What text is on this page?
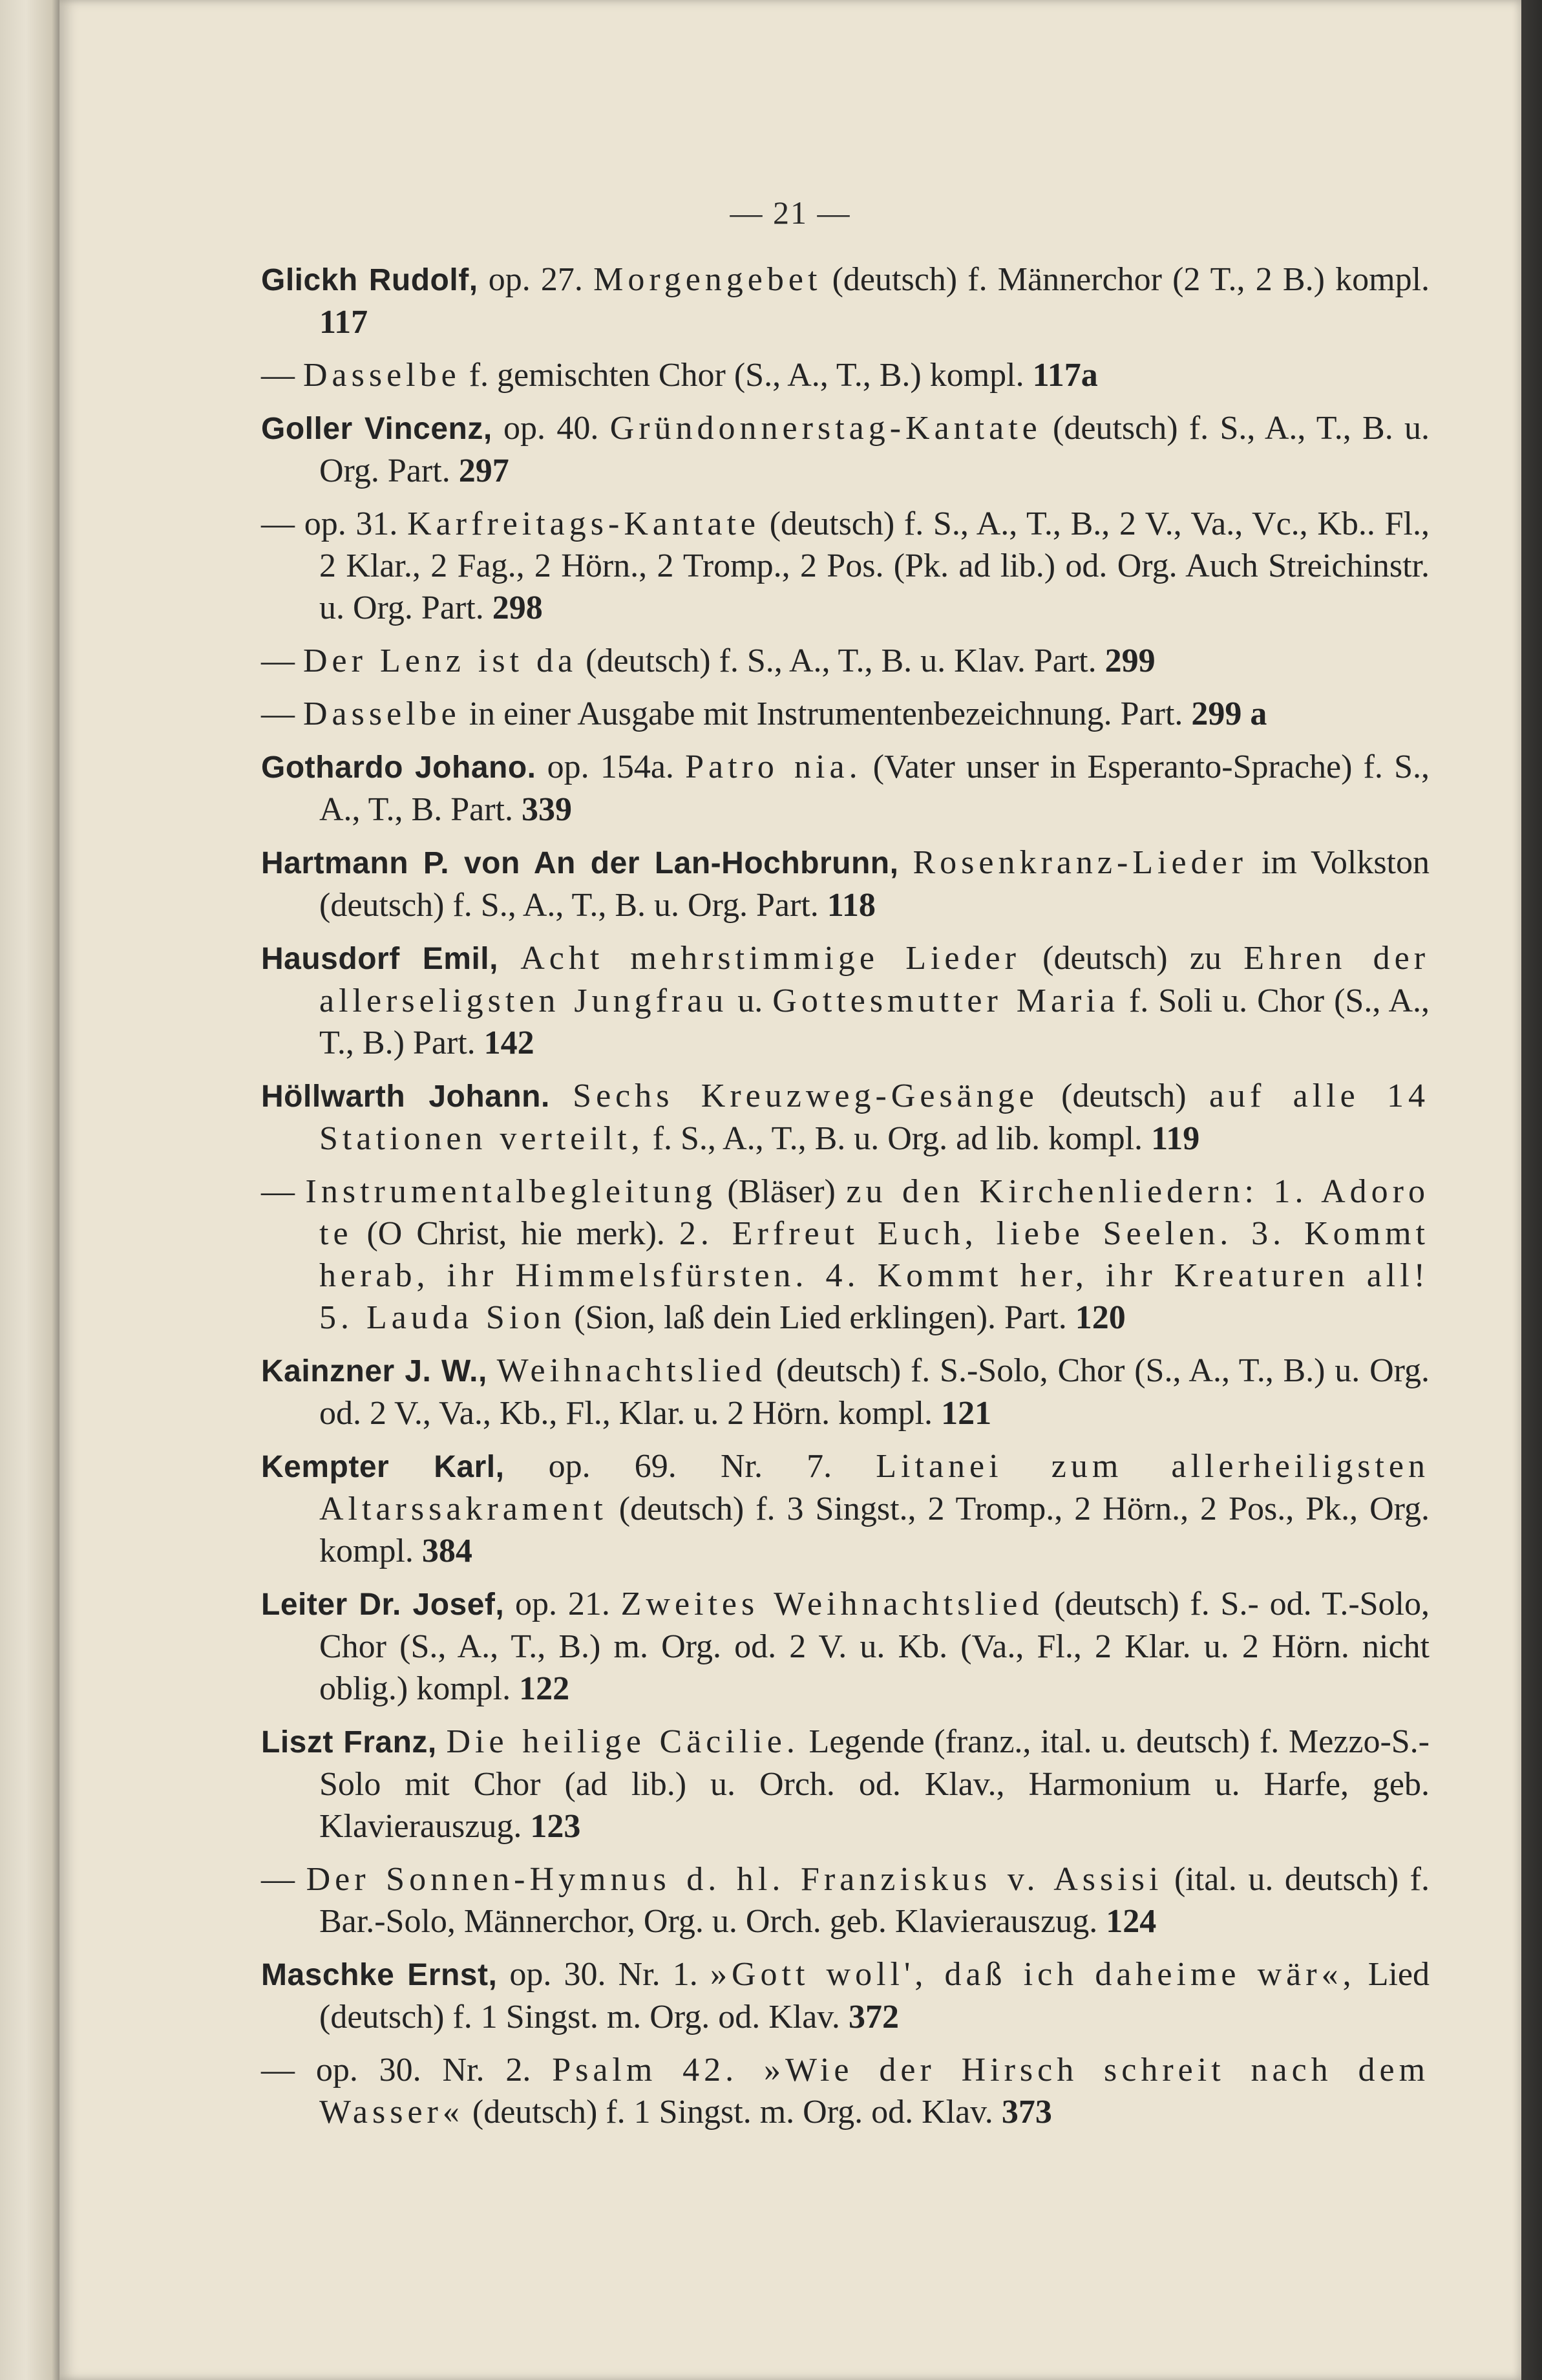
— 21 —
Glickh Rudolf, op. 27. Morgengebet (deutsch) f. Männerchor (2 T., 2 B.) kompl. 117
— Dasselbe f. gemischten Chor (S., A., T., B.) kompl. 117a
Goller Vincenz, op. 40. Gründonnerstag-Kantate (deutsch) f. S., A., T., B. u. Org. Part. 297
— op. 31. Karfreitags-Kantate (deutsch) f. S., A., T., B., 2 V., Va., Vc., Kb.. Fl., 2 Klar., 2 Fag., 2 Hörn., 2 Tromp., 2 Pos. (Pk. ad lib.) od. Org. Auch Streichinstr. u. Org. Part. 298
— Der Lenz ist da (deutsch) f. S., A., T., B. u. Klav. Part. 299
— Dasselbe in einer Ausgabe mit Instrumentenbezeichnung. Part. 299 a
Gothardo Johano. op. 154a. Patro nia. (Vater unser in Esperanto-Sprache) f. S., A., T., B. Part. 339
Hartmann P. von An der Lan-Hochbrunn, Rosenkranz-Lieder im Volkston (deutsch) f. S., A., T., B. u. Org. Part. 118
Hausdorf Emil, Acht mehrstimmige Lieder (deutsch) zu Ehren der allerseligsten Jungfrau u. Gottesmutter Maria f. Soli u. Chor (S., A., T., B.) Part. 142
Höllwarth Johann. Sechs Kreuzweg-Gesänge (deutsch) auf alle 14 Stationen verteilt, f. S., A., T., B. u. Org. ad lib. kompl. 119
— Instrumentalbegleitung (Bläser) zu den Kirchenliedern: 1. Adoro te (O Christ, hie merk). 2. Erfreut Euch, liebe Seelen. 3. Kommt herab, ihr Himmelsfürsten. 4. Kommt her, ihr Kreaturen all! 5. Lauda Sion (Sion, laß dein Lied erklingen). Part. 120
Kainzner J. W., Weihnachtslied (deutsch) f. S.-Solo, Chor (S., A., T., B.) u. Org. od. 2 V., Va., Kb., Fl., Klar. u. 2 Hörn. kompl. 121
Kempter Karl, op. 69. Nr. 7. Litanei zum allerheiligsten Altarssakrament (deutsch) f. 3 Singst., 2 Tromp., 2 Hörn., 2 Pos., Pk., Org. kompl. 384
Leiter Dr. Josef, op. 21. Zweites Weihnachtslied (deutsch) f. S.- od. T.-Solo, Chor (S., A., T., B.) m. Org. od. 2 V. u. Kb. (Va., Fl., 2 Klar. u. 2 Hörn. nicht oblig.) kompl. 122
Liszt Franz, Die heilige Cäcilie. Legende (franz., ital. u. deutsch) f. Mezzo-S.-Solo mit Chor (ad lib.) u. Orch. od. Klav., Harmonium u. Harfe, geb. Klavierauszug. 123
— Der Sonnen-Hymnus d. hl. Franziskus v. Assisi (ital. u. deutsch) f. Bar.-Solo, Männerchor, Org. u. Orch. geb. Klavierauszug. 124
Maschke Ernst, op. 30. Nr. 1. »Gott woll', daß ich daheime wär«, Lied (deutsch) f. 1 Singst. m. Org. od. Klav. 372
— op. 30. Nr. 2. Psalm 42. »Wie der Hirsch schreit nach dem Wasser« (deutsch) f. 1 Singst. m. Org. od. Klav. 373
